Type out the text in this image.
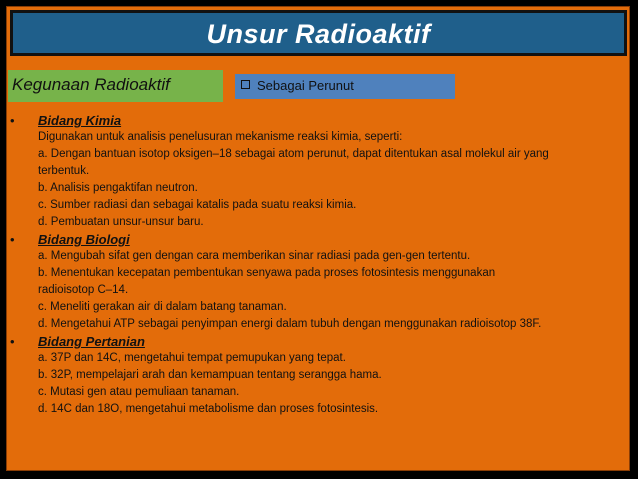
Unsur Radioaktif
Kegunaan Radioaktif	Sebagai Perunut
• Bidang Kimia
Digunakan untuk analisis penelusuran mekanisme reaksi kimia, seperti:
a. Dengan bantuan isotop oksigen–18 sebagai atom perunut, dapat ditentukan asal molekul air yang
terbentuk.
b. Analisis pengaktifan neutron.
c. Sumber radiasi dan sebagai katalis pada suatu reaksi kimia.
d. Pembuatan unsur-unsur baru.
• Bidang Biologi
a. Mengubah sifat gen dengan cara memberikan sinar radiasi pada gen-gen tertentu.
b. Menentukan kecepatan pembentukan senyawa pada proses fotosintesis menggunakan
radioisotop C–14.
c. Meneliti gerakan air di dalam batang tanaman.
d. Mengetahui ATP sebagai penyimpan energi dalam tubuh dengan menggunakan radioisotop 38F.
• Bidang Pertanian
a. 37P dan 14C, mengetahui tempat pemupukan yang tepat.
b. 32P, mempelajari arah dan kemampuan tentang serangga hama.
c. Mutasi gen atau pemuliaan tanaman.
d. 14C dan 18O, mengetahui metabolisme dan proses fotosintesis.
